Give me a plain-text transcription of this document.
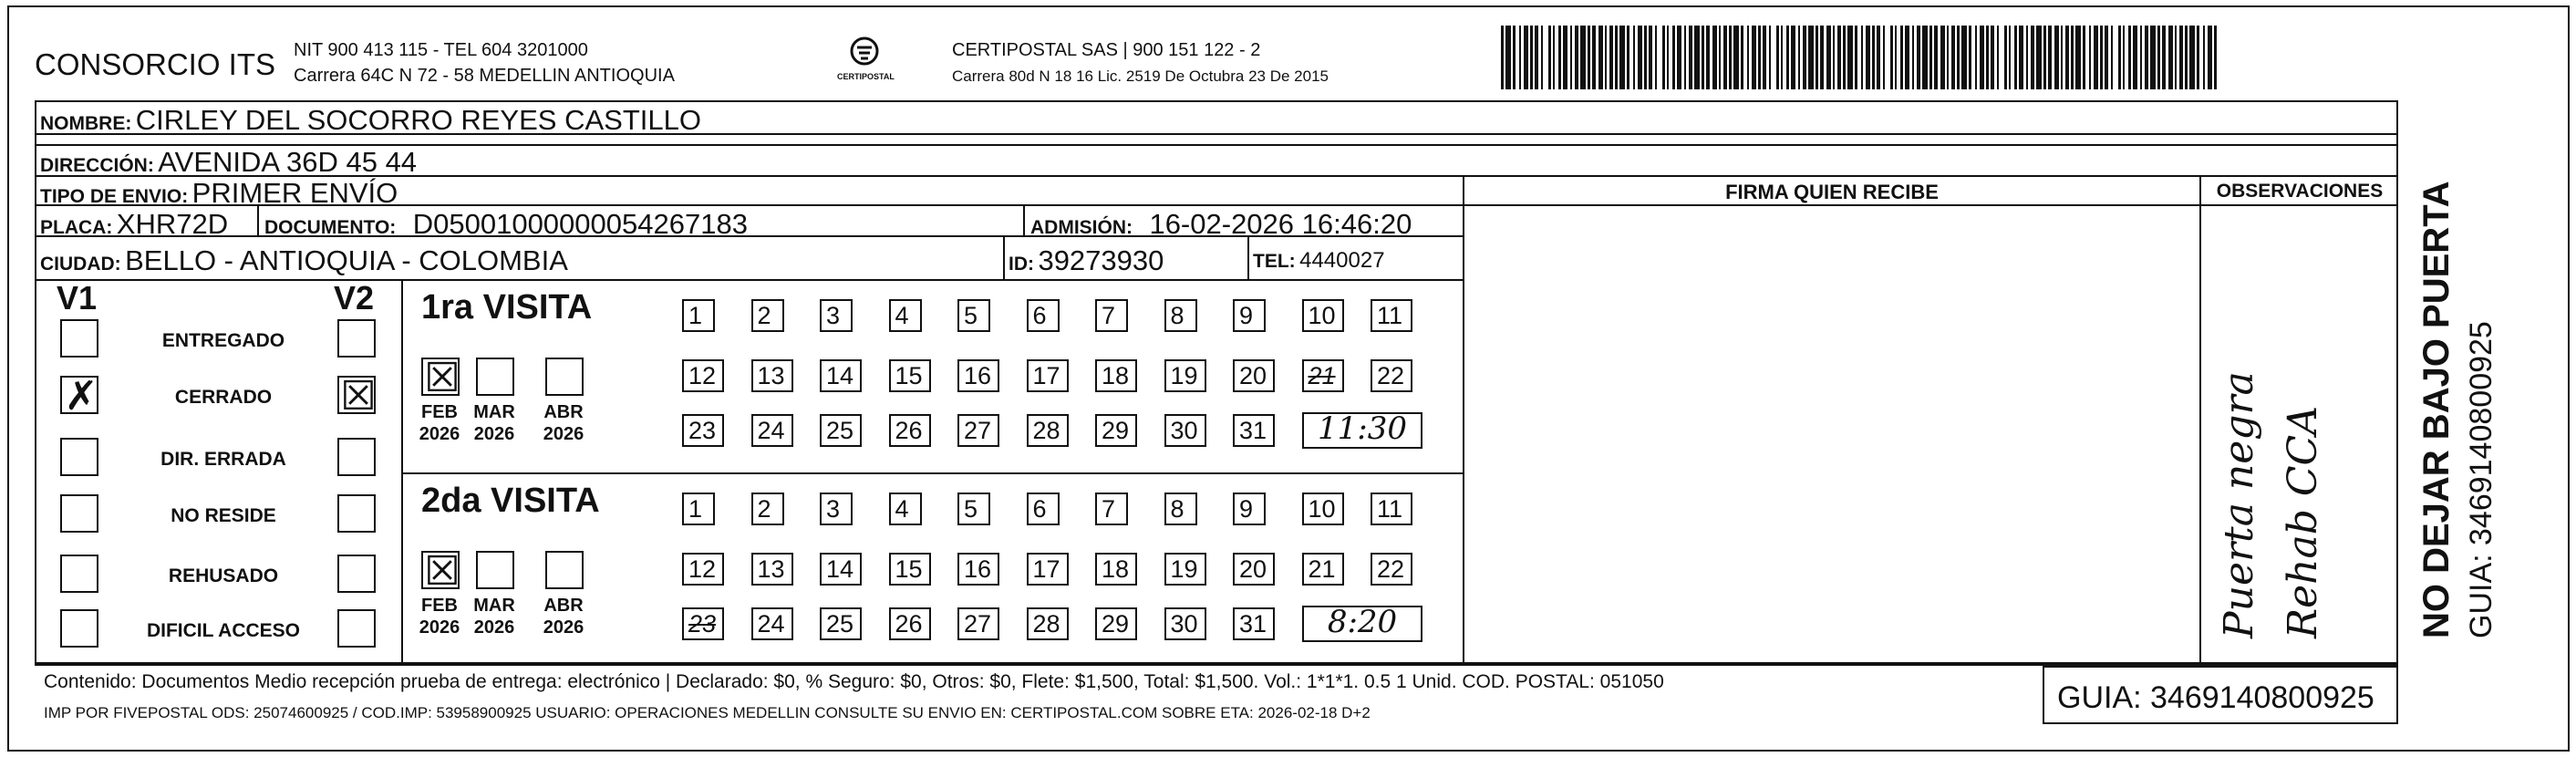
CONSORCIO ITS NIT 900 413 115 - TEL 604 3201000
Carrera 64C N 72 - 58 MEDELLIN ANTIOQUIA	CERTIPOSTAL
CERTIPOSTAL SAS | 900 151 122 - 2
Carrera 80d N 18 16 Lic. 2519 De Octubra 23 De 2015
NOMBRE: CIRLEY DEL SOCORRO REYES CASTILLO
DIRECCIÓN: AVENIDA 36D 45 44
TIPO DE ENVIO: PRIMER ENVÍO
PLACA: XHR72D DOCUMENTO: D05001000000054267183	ADMISIÓN: 16-02-2026 16:46:20
CIUDAD: BELLO - ANTIOQUIA - COLOMBIA	ID: 39273930	TEL: 4440027
FIRMA QUIEN RECIBE	OBSERVACIONES
Puerta negra Rehab CCA
V1	V2
ENTREGADO
✗	CERRADO	☒
DIR. ERRADA
NO RESIDE
REHUSADO
DIFICIL ACCESO
1ra VISITA
☒
FEB
2026
MAR
2026
ABR
2026
1	2	3	4	5	6	7	8	9	10	11
12	13	14	15	16	17	18	19	20	21	22
23	24	25	26	27	28	29	30	31	11:30
2da VISITA
☒
FEB
2026
MAR
2026
ABR
2026
1	2	3	4	5	6	7	8	9	10	11
12	13	14	15	16	17	18	19	20	21	22
23	24	25	26	27	28	29	30	31	8:20	NO DEJAR BAJO PUERTA GUIA: 3469140800925
Contenido: Documentos Medio recepción prueba de entrega: electrónico | Declarado: $0, % Seguro: $0, Otros: $0, Flete: $1,500, Total: $1,500. Vol.: 1*1*1. 0.5 1 Unid. COD. POSTAL: 051050
IMP POR FIVEPOSTAL ODS: 25074600925 / COD.IMP: 53958900925 USUARIO: OPERACIONES MEDELLIN CONSULTE SU ENVIO EN: CERTIPOSTAL.COM SOBRE ETA: 2026-02-18 D+2	GUIA: 3469140800925
